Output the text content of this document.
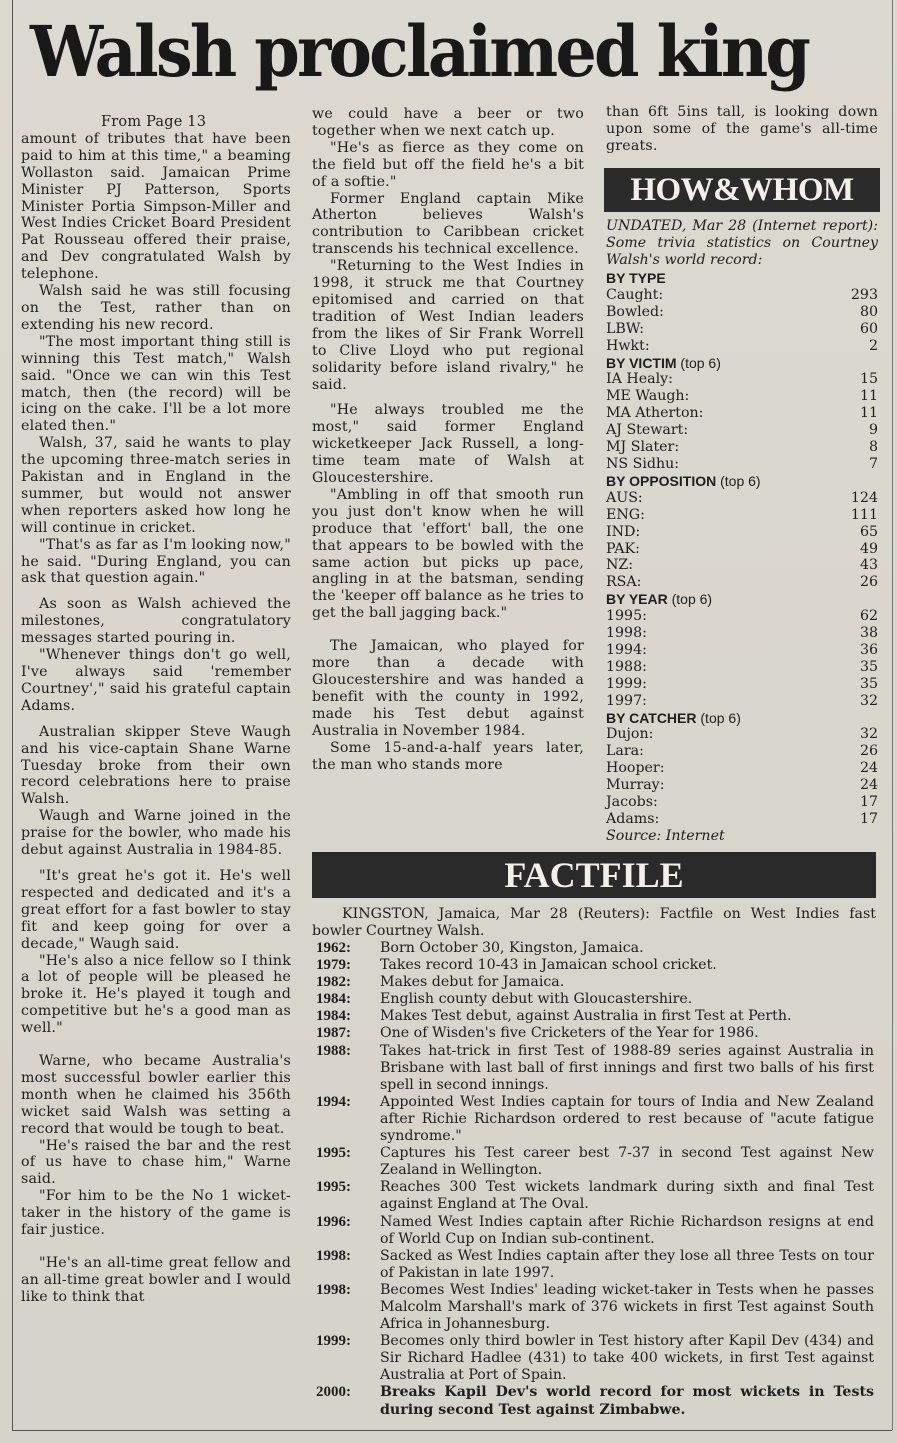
Walsh proclaimed king

From Page 13

amount of tributes that have been paid to him at this time," a beaming Wollaston said. Jamaican Prime Minister PJ Patterson, Sports Minister Portia Simpson-Miller and West Indies Cricket Board President Pat Rousseau offered their praise, and Dev congratulated Walsh by telephone.

Walsh said he was still focusing on the Test, rather than on extending his new record.

"The most important thing still is winning this Test match," Walsh said. "Once we can win this Test match, then (the record) will be icing on the cake. I'll be a lot more elated then."

Walsh, 37, said he wants to play the upcoming three-match series in Pakistan and in England in the summer, but would not answer when reporters asked how long he will continue in cricket.

"That's as far as I'm looking now," he said. "During England, you can ask that question again."

As soon as Walsh achieved the milestones, congratulatory messages started pouring in.

"Whenever things don't go well, I've always said 'remember Courtney'," said his grateful captain Adams.

Australian skipper Steve Waugh and his vice-captain Shane Warne Tuesday broke from their own record celebrations here to praise Walsh.

Waugh and Warne joined in the praise for the bowler, who made his debut against Australia in 1984-85.

"It's great he's got it. He's well respected and dedicated and it's a great effort for a fast bowler to stay fit and keep going for over a decade," Waugh said.

"He's also a nice fellow so I think a lot of people will be pleased he broke it. He's played it tough and competitive but he's a good man as well."

Warne, who became Australia's most successful bowler earlier this month when he claimed his 356th wicket said Walsh was setting a record that would be tough to beat.

"He's raised the bar and the rest of us have to chase him," Warne said.

"For him to be the No 1 wicket-taker in the history of the game is fair justice.

"He's an all-time great fellow and an all-time great bowler and I would like to think that

we could have a beer or two together when we next catch up.

"He's as fierce as they come on the field but off the field he's a bit of a softie."

Former England captain Mike Atherton believes Walsh's contribution to Caribbean cricket transcends his technical excellence.

"Returning to the West Indies in 1998, it struck me that Courtney epitomised and carried on that tradition of West Indian leaders from the likes of Sir Frank Worrell to Clive Lloyd who put regional solidarity before island rivalry," he said.

"He always troubled me the most," said former England wicketkeeper Jack Russell, a long-time team mate of Walsh at Gloucestershire.

"Ambling in off that smooth run you just don't know when he will produce that 'effort' ball, the one that appears to be bowled with the same action but picks up pace, angling in at the batsman, sending the 'keeper off balance as he tries to get the ball jagging back."

The Jamaican, who played for more than a decade with Gloucestershire and was handed a benefit with the county in 1992, made his Test debut against Australia in November 1984.

Some 15-and-a-half years later, the man who stands more

than 6ft 5ins tall, is looking down upon some of the game's all-time greats.

HOW&WHOM
UNDATED, Mar 28 (Internet report): Some trivia statistics on Courtney Walsh's world record:
BY TYPE
Caught:	293
Bowled:	80
LBW:	60
Hwkt:	2
BY VICTIM (top 6)
IA Healy:	15
ME Waugh:	11
MA Atherton:	11
AJ Stewart:	9
MJ Slater:	8
NS Sidhu:	7
BY OPPOSITION (top 6)
AUS:	124
ENG:	111
IND:	65
PAK:	49
NZ:	43
RSA:	26
BY YEAR (top 6)
1995:	62
1998:	38
1994:	36
1988:	35
1999:	35
1997:	32
BY CATCHER (top 6)
Dujon:	32
Lara:	26
Hooper:	24
Murray:	24
Jacobs:	17
Adams:	17
Source: Internet
FACTFILE
KINGSTON, Jamaica, Mar 28 (Reuters): Factfile on West Indies fast bowler Courtney Walsh.
1962:	Born October 30, Kingston, Jamaica.
1979:	Takes record 10-43 in Jamaican school cricket.
1982:	Makes debut for Jamaica.
1984:	English county debut with Gloucastershire.
1984:	Makes Test debut, against Australia in first Test at Perth.
1987:	One of Wisden's five Cricketers of the Year for 1986.
1988:	Takes hat-trick in first Test of 1988-89 series against Australia in Brisbane with last ball of first innings and first two balls of his first spell in second innings.
1994:	Appointed West Indies captain for tours of India and New Zealand after Richie Richardson ordered to rest because of "acute fatigue syndrome."
1995:	Captures his Test career best 7-37 in second Test against New Zealand in Wellington.
1995:	Reaches 300 Test wickets landmark during sixth and final Test against England at The Oval.
1996:	Named West Indies captain after Richie Richardson resigns at end of World Cup on Indian sub-continent.
1998:	Sacked as West Indies captain after they lose all three Tests on tour of Pakistan in late 1997.
1998:	Becomes West Indies' leading wicket-taker in Tests when he passes Malcolm Marshall's mark of 376 wickets in first Test against South Africa in Johannesburg.
1999:	Becomes only third bowler in Test history after Kapil Dev (434) and Sir Richard Hadlee (431) to take 400 wickets, in first Test against Australia at Port of Spain.
2000:	Breaks Kapil Dev's world record for most wickets in Tests during second Test against Zimbabwe.
